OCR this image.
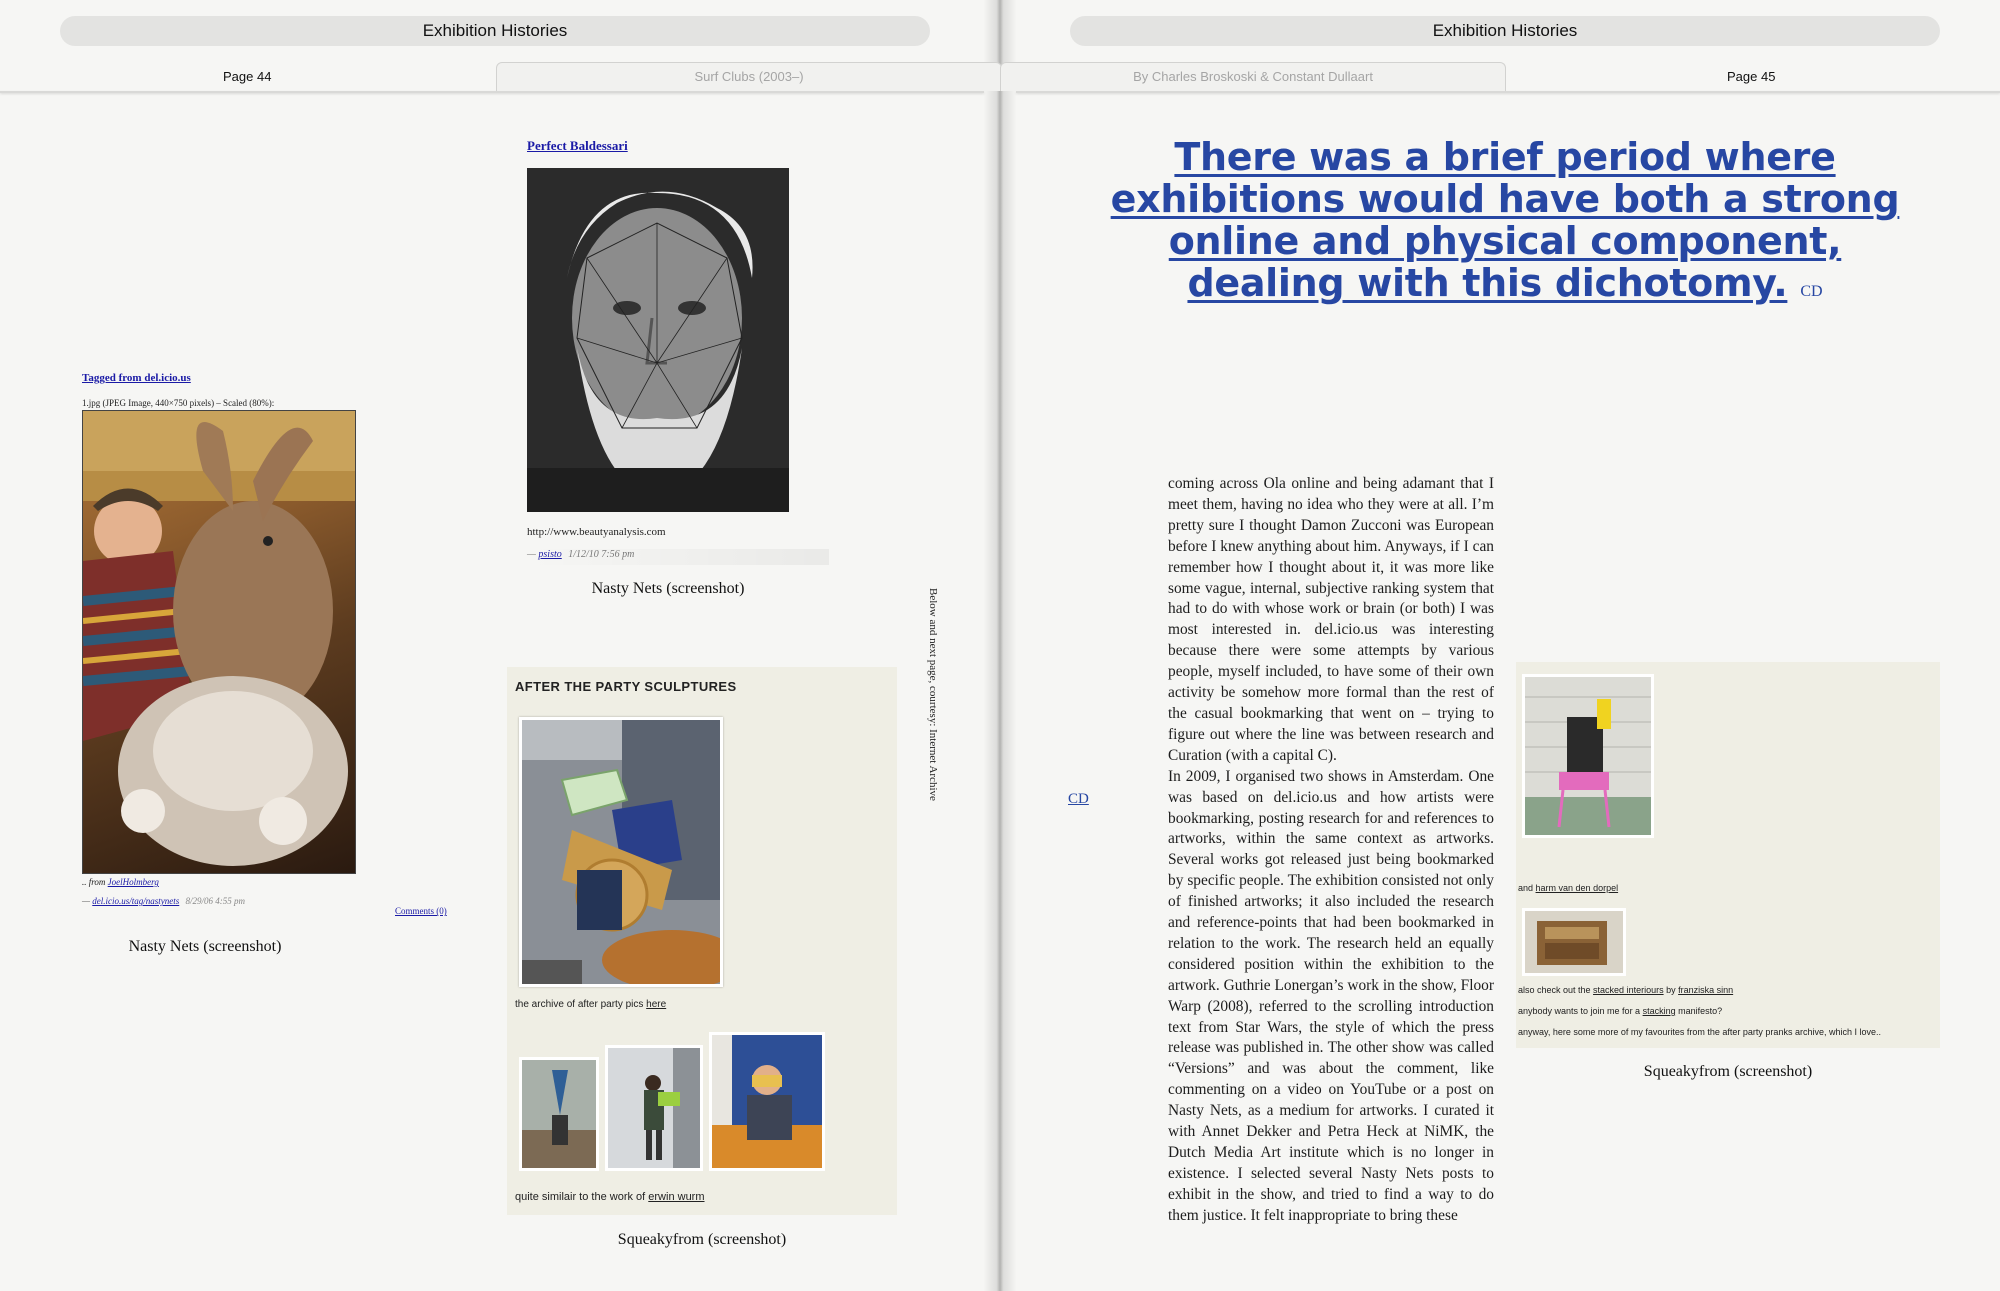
Exhibition Histories	Exhibition Histories
Surf Clubs (2003–)	By Charles Broskoski & Constant Dullaart
Page 44	Page 45
Tagged from del.icio.us
1.jpg (JPEG Image, 440×750 pixels) – Scaled (80%):
.. from JoelHolmberg
— del.icio.us/tag/nastynets 8/29/06 4:55 pm
Comments (0)
Nasty Nets (screenshot)
Perfect Baldessari
http://www.beautyanalysis.com
— psisto 1/12/10 7:56 pm
Nasty Nets (screenshot)
AFTER THE PARTY SCULPTURES
the archive of after party pics here
quite similair to the work of erwin wurm
Squeakyfrom (screenshot)
Below and next page, courtesy: Internet Archive
There was a brief period where exhibitions would have both a strong online and physical component, dealing with this dichotomy. CD
CD

coming across Ola online and being adamant that I meet them, having no idea who they were at all. I’m pretty sure I thought Damon Zucconi was European before I knew anything about him. Anyways, if I can remember how I thought about it, it was more like some vague, internal, subjective ranking system that had to do with whose work or brain (or both) I was most interested in. del.icio.us was interesting because there were some attempts by various people, myself included, to have some of their own activity be somehow more formal than the rest of the casual bookmarking that went on – trying to figure out where the line was between research and Curation (with a capital C).

In 2009, I organised two shows in Amsterdam. One was based on del.icio.us and how artists were bookmarking, posting research for and references to artworks, within the same context as artworks. Several works got released just being bookmarked by specific people. The exhibition consisted not only of finished artworks; it also included the research and reference-points that had been bookmarked in relation to the work. The research held an equally considered position within the exhibition to the artwork. Guthrie Lonergan’s work in the show, Floor Warp (2008), referred to the scrolling introduction text from Star Wars, the style of which the press release was published in. The other show was called “Versions” and was about the comment, like commenting on a video on YouTube or a post on Nasty Nets, as a medium for artworks. I curated it with Annet Dekker and Petra Heck at NiMK, the Dutch Media Art institute which is no longer in existence. I selected several Nasty Nets posts to exhibit in the show, and tried to find a way to do them justice. It felt inappropriate to bring these

and harm van den dorpel
also check out the stacked interiours by franziska sinn
anybody wants to join me for a stacking manifesto?
anyway, here some more of my favourites from the after party pranks archive, which I love..
Squeakyfrom (screenshot)
